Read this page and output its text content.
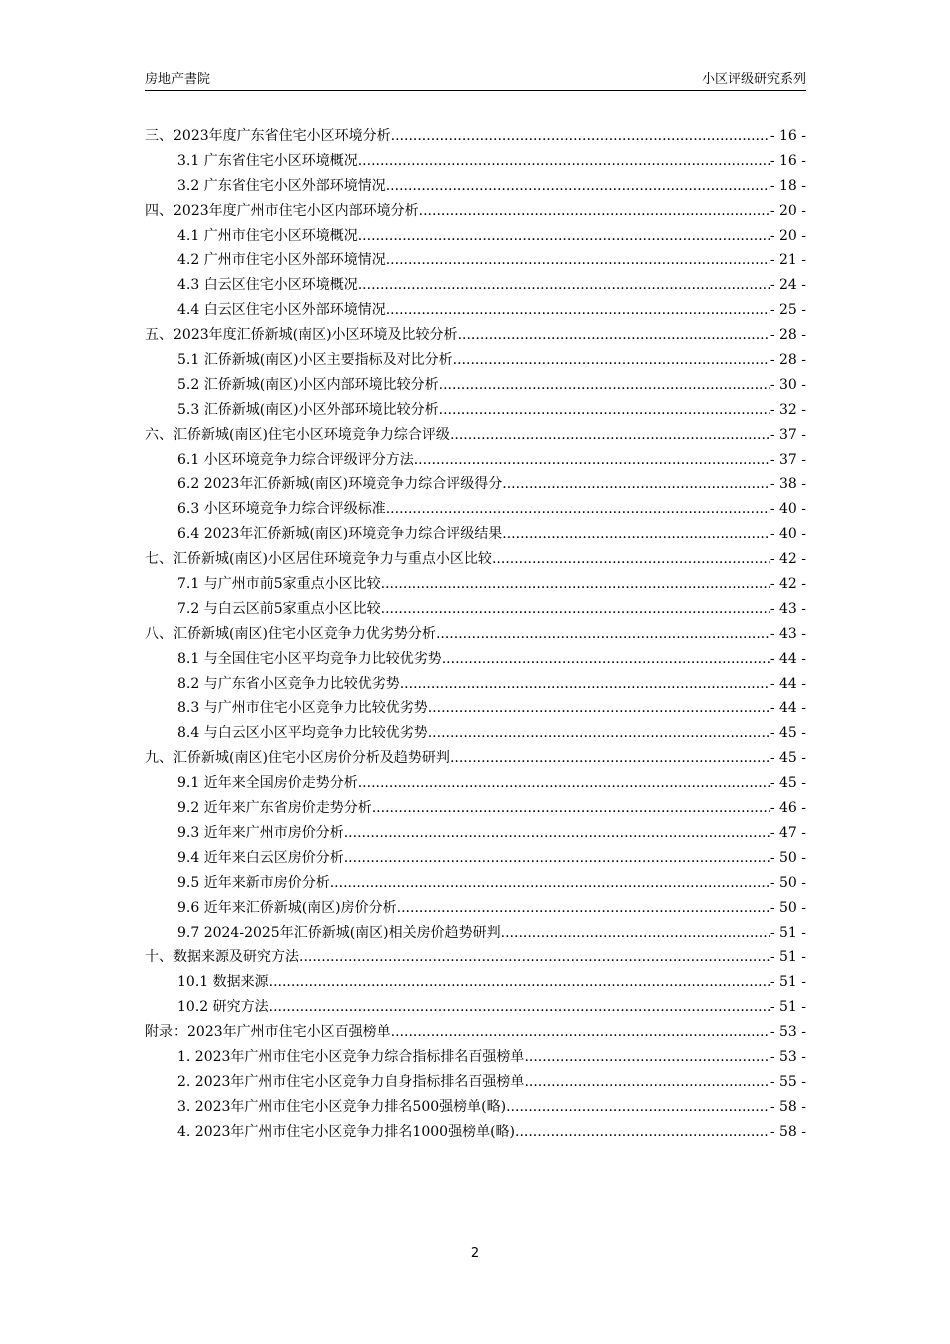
房地产書院	小区评级研究系列
三、2023年度广东省住宅小区环境分析 .....	- 16 -
3.1 广东省住宅小区环境概况 .....	- 16 -
3.2 广东省住宅小区外部环境情况 .....	- 18 -
四、2023年度广州市住宅小区内部环境分析 .....	- 20 -
4.1 广州市住宅小区环境概况 .....	- 20 -
4.2 广州市住宅小区外部环境情况 .....	- 21 -
4.3 白云区住宅小区环境概况 .....	- 24 -
4.4 白云区住宅小区外部环境情况 .....	- 25 -
五、2023年度汇侨新城(南区)小区环境及比较分析 .....	- 28 -
5.1 汇侨新城(南区)小区主要指标及对比分析 .....	- 28 -
5.2 汇侨新城(南区)小区内部环境比较分析 .....	- 30 -
5.3 汇侨新城(南区)小区外部环境比较分析 .....	- 32 -
六、汇侨新城(南区)住宅小区环境竞争力综合评级 .....	- 37 -
6.1 小区环境竞争力综合评级评分方法 .....	- 37 -
6.2 2023年汇侨新城(南区)环境竞争力综合评级得分 .....	- 38 -
6.3 小区环境竞争力综合评级标准 .....	- 40 -
6.4 2023年汇侨新城(南区)环境竞争力综合评级结果 .....	- 40 -
七、汇侨新城(南区)小区居住环境竞争力与重点小区比较 .....	- 42 -
7.1 与广州市前5家重点小区比较 .....	- 42 -
7.2 与白云区前5家重点小区比较 .....	- 43 -
八、汇侨新城(南区)住宅小区竞争力优劣势分析 .....	- 43 -
8.1 与全国住宅小区平均竞争力比较优劣势 .....	- 44 -
8.2 与广东省小区竞争力比较优劣势 .....	- 44 -
8.3 与广州市住宅小区竞争力比较优劣势 .....	- 44 -
8.4 与白云区小区平均竞争力比较优劣势 .....	- 45 -
九、汇侨新城(南区)住宅小区房价分析及趋势研判 .....	- 45 -
9.1 近年来全国房价走势分析 .....	- 45 -
9.2 近年来广东省房价走势分析 .....	- 46 -
9.3 近年来广州市房价分析 .....	- 47 -
9.4 近年来白云区房价分析 .....	- 50 -
9.5 近年来新市房价分析 .....	- 50 -
9.6 近年来汇侨新城(南区)房价分析 .....	- 50 -
9.7 2024-2025年汇侨新城(南区)相关房价趋势研判 .....	- 51 -
十、数据来源及研究方法 .....	- 51 -
10.1 数据来源 .....	- 51 -
10.2 研究方法 .....	- 51 -
附录：2023年广州市住宅小区百强榜单 .....	- 53 -
1. 2023年广州市住宅小区竞争力综合指标排名百强榜单 .....	- 53 -
2. 2023年广州市住宅小区竞争力自身指标排名百强榜单 .....	- 55 -
3. 2023年广州市住宅小区竞争力排名500强榜单(略) .....	- 58 -
4. 2023年广州市住宅小区竞争力排名1000强榜单(略) .....	- 58 -
2
